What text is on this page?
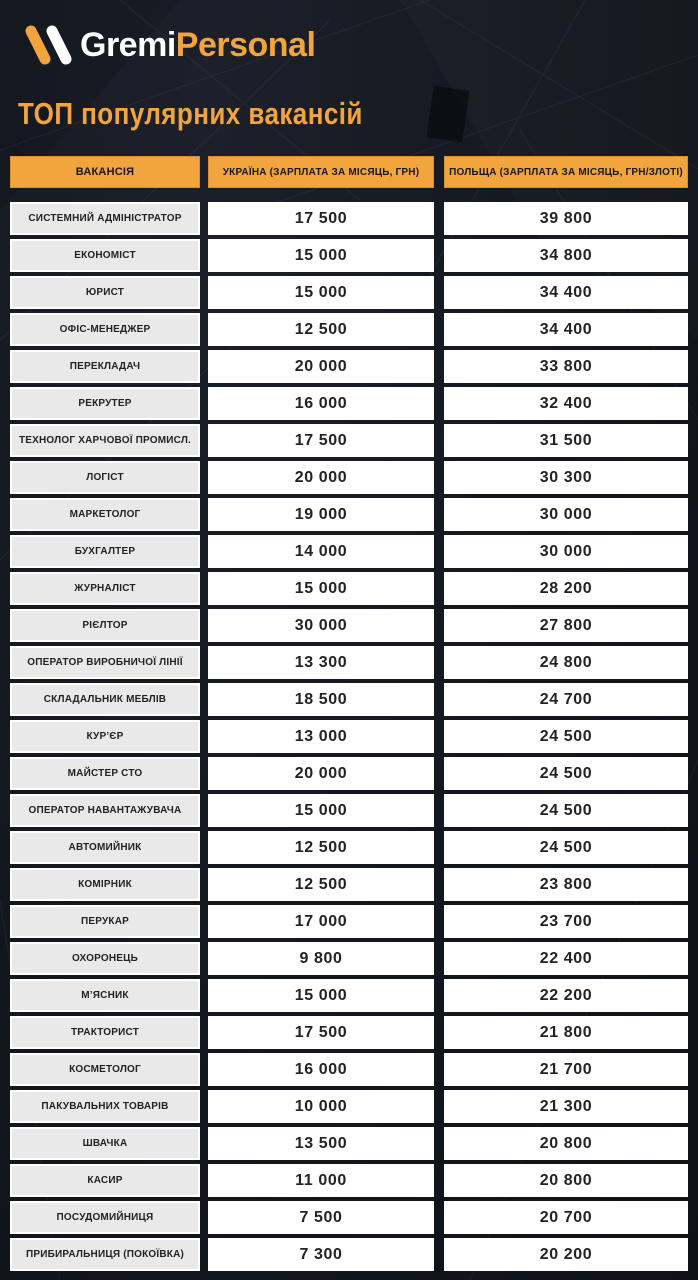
GremiPersonal
ТОП популярних вакансій
ВАКАНСІЯ	УКРАЇНА (ЗАРПЛАТА ЗА МІСЯЦЬ, ГРН)	ПОЛЬЩА (ЗАРПЛАТА ЗА МІСЯЦЬ, ГРН/ЗЛОТІ)
СИСТЕМНИЙ АДМІНІСТРАТОР	17 500	39 800
ЕКОНОМІСТ	15 000	34 800
ЮРИСТ	15 000	34 400
ОФІС-МЕНЕДЖЕР	12 500	34 400
ПЕРЕКЛАДАЧ	20 000	33 800
РЕКРУТЕР	16 000	32 400
ТЕХНОЛОГ ХАРЧОВОЇ ПРОМИСЛ.	17 500	31 500
ЛОГІСТ	20 000	30 300
МАРКЕТОЛОГ	19 000	30 000
БУХГАЛТЕР	14 000	30 000
ЖУРНАЛІСТ	15 000	28 200
РІЄЛТОР	30 000	27 800
ОПЕРАТОР ВИРОБНИЧОЇ ЛІНІЇ	13 300	24 800
СКЛАДАЛЬНИК МЕБЛІВ	18 500	24 700
КУР’ЄР	13 000	24 500
МАЙСТЕР СТО	20 000	24 500
ОПЕРАТОР НАВАНТАЖУВАЧА	15 000	24 500
АВТОМИЙНИК	12 500	24 500
КОМІРНИК	12 500	23 800
ПЕРУКАР	17 000	23 700
ОХОРОНЕЦЬ	9 800	22 400
М’ЯСНИК	15 000	22 200
ТРАКТОРИСТ	17 500	21 800
КОСМЕТОЛОГ	16 000	21 700
ПАКУВАЛЬНИХ ТОВАРІВ	10 000	21 300
ШВАЧКА	13 500	20 800
КАСИР	11 000	20 800
ПОСУДОМИЙНИЦЯ	7 500	20 700
ПРИБИРАЛЬНИЦЯ (ПОКОЇВКА)	7 300	20 200
